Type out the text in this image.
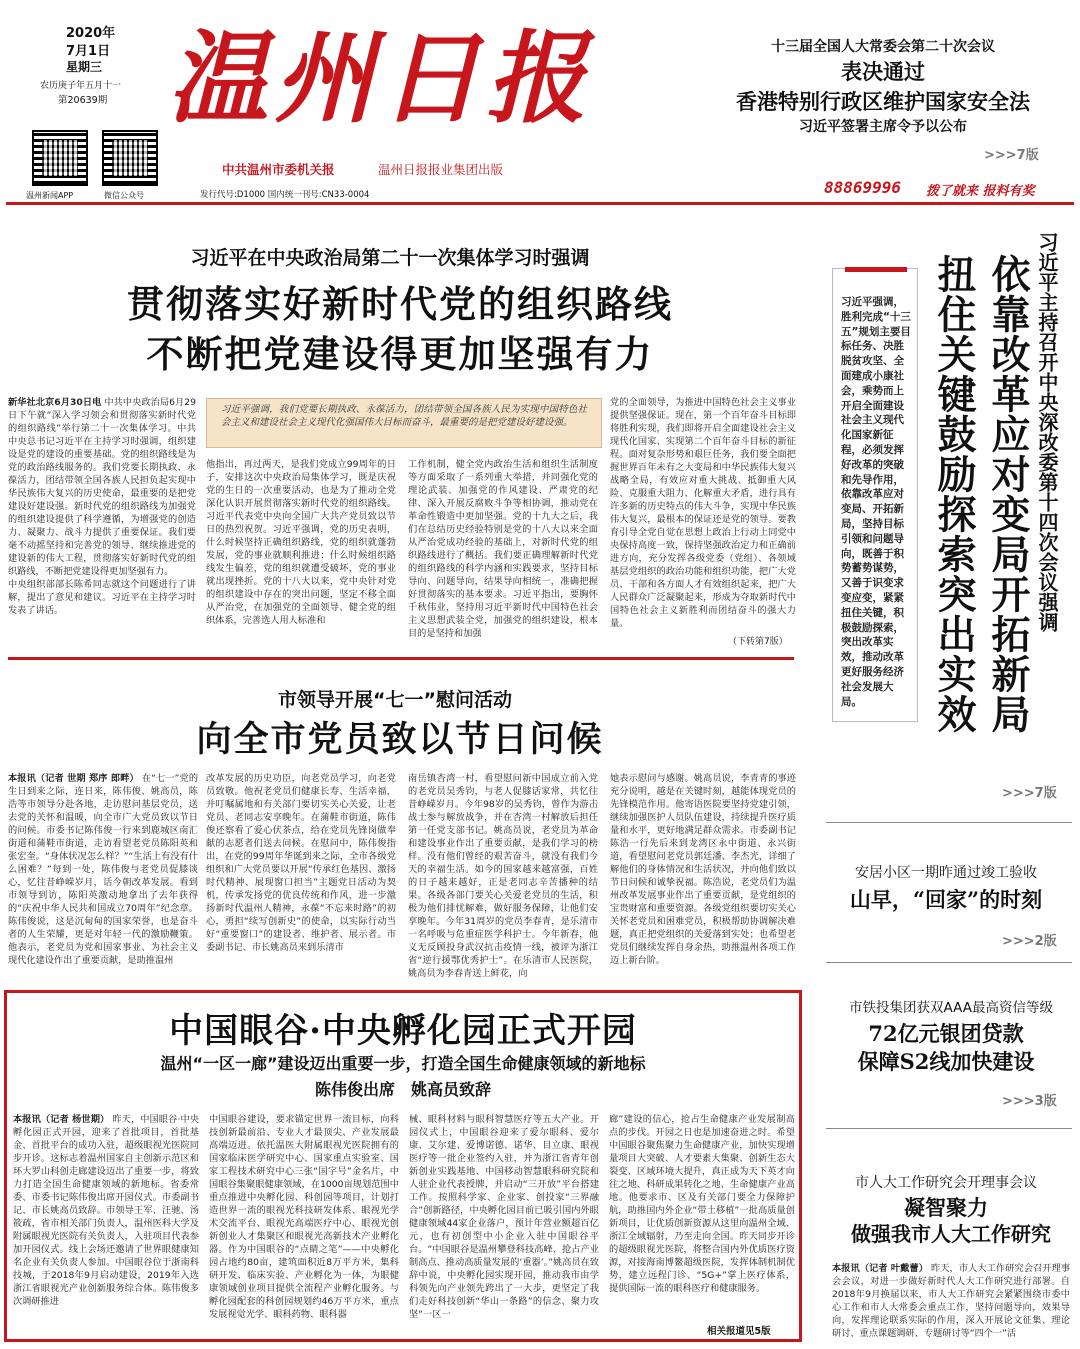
2020年
7月1日
星期三
农历庚子年五月十一
第20639期
温州新闻APP	微信公众号
温州日报
中共温州市委机关报	温州日报报业集团出版
发行代号:D1000 国内统一刊号:CN33-0004
十三届全国人大常委会第二十次会议
表决通过
香港特别行政区维护国家安全法
习近平签署主席令予以公布
>>>7版
88869996 拨了就来 报料有奖
习近平在中央政治局第二十一次集体学习时强调
贯彻落实好新时代党的组织路线
不断把党建设得更加坚强有力
习近平强调，我们党要长期执政、永葆活力，团结带领全国各族人民为实现中国特色社会主义和建设社会主义现代化强国伟大目标而奋斗，最重要的是把党建设好建设强。
新华社北京6月30日电 中共中央政治局6月29日下午就“深入学习领会和贯彻落实新时代党的组织路线”举行第二十一次集体学习。中共中央总书记习近平在主持学习时强调，组织建设是党的建设的重要基础。党的组织路线是为党的政治路线服务的。我们党要长期执政、永葆活力，团结带领全国各族人民担负起实现中华民族伟大复兴的历史使命，最重要的是把党建设好建设强。新时代党的组织路线为加强党的组织建设提供了科学遵循，为增强党的创造力、凝聚力、战斗力提供了重要保证。我们要毫不动摇坚持和完善党的领导、继续推进党的建设新的伟大工程，贯彻落实好新时代党的组织路线，不断把党建设得更加坚强有力。
中央组织部部长陈希同志就这个问题进行了讲解，提出了意见和建议。习近平在主持学习时发表了讲话。
他指出，再过两天，是我们党成立99周年的日子，安排这次中央政治局集体学习，既是庆祝党的生日的一次重要活动，也是为了推动全党深化认识开展贯彻落实新时代党的组织路线。习近平代表党中央向全国广大共产党员致以节日的热烈祝贺。习近平强调，党的历史表明，什么时候坚持正确组织路线，党的组织就蓬勃发展，党的事业就顺利推进；什么时候组织路线发生偏差，党的组织就遭受破坏，党的事业就出现挫折。党的十八大以来，党中央针对党的组织建设中存在的突出问题，坚定不移全面从严治党，在加强党的全面领导、健全党的组织体系，完善选人用人标准和
工作机制，健全党内政治生活和组织生活制度等方面采取了一系列重大举措，并同强化党的理论武装、加强党的作风建设、严肃党的纪律、深入开展反腐败斗争等相协调，推动党在革命性锻造中更加坚强。党的十九大之后，我们在总结历史经验特别是党的十八大以来全面从严治党成功经验的基础上，对新时代党的组织路线进行了概括。我们要正确理解新时代党的组织路线的科学内涵和实践要求，坚持目标导向、问题导向，结果导向相统一，准确把握好贯彻落实的基本要求。习近平指出，要胸怀千秋伟业，坚持用习近平新时代中国特色社会主义思想武装全党，加强党的组织建设，根本目的是坚持和加强
党的全面领导，为推进中国特色社会主义事业提供坚强保证。现在，第一个百年奋斗目标即将胜利实现，我们即将开启全面建设社会主义现代化国家、实现第二个百年奋斗目标的新征程。面对复杂形势和艰巨任务，我们要全面把握世界百年未有之大变局和中华民族伟大复兴战略全局，有效应对重大挑战、抵御重大风险、克服重大阻力、化解重大矛盾，进行具有许多新的历史特点的伟大斗争，实现中华民族伟大复兴，最根本的保证还是党的领导。要教育引导全党自觉在思想上政治上行动上同党中央保持高度一致，保持坚强政治定力和正确前进方向，充分发挥各级党委（党组）、各领域基层党组织的政治功能和组织功能，把广大党员、干部和各方面人才有效组织起来，把广大人民群众广泛凝聚起来，形成为夺取新时代中国特色社会主义新胜利而团结奋斗的强大力量。
（下转第7版）
习近平主持召开中央深改委第十四次会议强调
依靠改革应对变局开拓新局
扭住关键鼓励探索突出实效
习近平强调，胜利完成“十三五”规划主要目标任务、决胜脱贫攻坚、全面建成小康社会，乘势而上开启全面建设社会主义现代化国家新征程，必须发挥好改革的突破和先导作用，依靠改革应对变局、开拓新局，坚持目标引领和问题导向，既善于积势蓄势谋势，又善于识变求变应变，紧紧扭住关键，积极鼓励探索，突出改革实效，推动改革更好服务经济社会发展大局。
>>>7版
市领导开展“七一”慰问活动
向全市党员致以节日问候
本报讯（记者 世期 郑序 郎畔） 在“七一”党的生日到来之际，连日来，陈伟俊、姚高员，陈浩等市领导分赴各地，走访慰问基层党员，送去党的关怀和温暖，向全市广大党员致以节日的问候。市委书记陈伟俊一行来到鹿城区南汇街道和蒲鞋市街道，走访看望老党员陈阳英和张宏奎。“身体状况怎么样？”“生活上有没有什么困难？”每到一处，陈伟俊与老党员促膝谈心，忆往昔峥嵘岁月，话今朝改革发展。看到市领导到访，陈阳英激动地拿出了去年获得的“庆祝中华人民共和国成立70周年”纪念章。陈伟俊说，这是沉甸甸的国家荣誉，也是奋斗者的人生荣耀，更是对年轻一代的激励鞭策。他表示，老党员为党和国家事业、为社会主义现代化建设作出了重要贡献，是助推温州
改革发展的历史功臣，向老党员学习，向老党员致敬。他祝老党员们健康长寿、生活幸福，并叮嘱属地和有关部门要切实关心关爱，让老党员、老同志安享晚年。在蒲鞋市街道，陈伟俊还察看了爱心伏茶点，给在党员先锋岗做奉献的志愿者们送去问候。在慰问中，陈伟俊指出，在党的99周年华诞到来之际，全市各级党组织和广大党员要以开展“传承红色基因、激扬时代精神、展现窗口担当”主题党日活动为契机，传承发扬党的优良传统和作风，进一步激扬新时代温州人精神，永葆“不忘来时路”的初心，勇担“续写创新史”的使命，以实际行动当好“重要窗口”的建设者、维护者、展示者。市委副书记、市长姚高员来到乐清市
南岳镇杏湾一村，看望慰问新中国成立前入党的老党员吴秀钧，与老人促膝话家常，共忆往昔峥嵘岁月。今年98岁的吴秀钧，曾作为游击战士参与解放战争，并在杏湾一村解放后担任第一任党支部书记。姚高员说，老党员为革命和建设事业作出了重要贡献，是我们学习的榜样。没有他们曾经的艰苦奋斗，就没有我们今天的幸福生活。如今的国家越来越富强，百姓的日子越来越好，正是老同志辛苦播种的结果。各级各部门要关心关爱老党员的生活，积极为他们排忧解难，做好服务保障，让他们安享晚年。今年31周岁的党员李春青，是乐清市一名呼吸与危重症医学科护士。今年新春，他义无反顾投身武汉抗击疫情一线，被评为浙江省“逆行援鄂优秀护士”。在乐清市人民医院，姚高员为李春青送上鲜花，向
她表示慰问与感谢。姚高员说，李青青的事迹充分说明，越是在关键时刻，越能体现党员的先锋模范作用。他寄语医院要坚持党建引领，继续加强医护人员队伍建设，持续提升医疗质量和水平，更好地满足群众需求。市委副书记陈浩一行先后来到龙湾区永中街道、永兴街道，看望慰问老党员郭廷潘、李杰光，详细了解他们的身体情况和生活状况，并向他们致以节日问候和诚挚祝福。陈浩说，老党员们为温州改革发展事业作出了重要贡献，是党组织的宝贵财富和重要资源。各级党组织要切实关心关怀老党员和困难党员，积极帮助协调解决难题，真正把党组织的关爱落到实处；也希望老党员们继续发挥自身余热，助推温州各项工作迈上新台阶。
中国眼谷·中央孵化园正式开园
温州“一区一廊”建设迈出重要一步，打造全国生命健康领域的新地标
陈伟俊出席　姚高员致辞
本报讯（记者 杨世期） 昨天，中国眼谷·中央孵化园正式开园，迎来了首批项目，首批基金、首批平台的成功入驻，超级眼视光医院同步开诊。这标志着温州国家自主创新示范区和环大罗山科创走廊建设迈出了重要一步，将致力打造全国生命健康领域的新地标。省委常委、市委书记陈伟俊出席开园仪式。市委副书记、市长姚高员致辞。市领导王军、汪驰、汤筱疏，省市相关部门负责人，温州医科大学及附属眼视光医院有关负责人，入驻项目代表参加开园仪式。线上会场还邀请了世界眼健康知名企业有关负责人参加。中国眼谷位于浙南科技城，于2018年9月启动建设，2019年入选浙江省眼视光产业创新服务综合体。陈伟俊多次调研推进
中国眼谷建设，要求锚定世界一流目标，向科技创新最前沿、专业人才最顶尖、产业发展最高端迈进。依托温医大附属眼视光医院拥有的国家临床医学研究中心、国家重点实验室、国家工程技术研究中心三张“国字号”金名片，中国眼谷集聚眼健康领域，在1000亩规划范围中重点推进中央孵化园、科创园等项目，计划打造世界一流的眼视光科技研发体系、眼视光学术交流平台、眼视光高端医疗中心、眼视光创新创业人才集聚区和眼视光高新技术产业孵化器。作为中国眼谷的“点睛之笔”——中央孵化园占地约80亩，建筑面积近8万平方米，集科研开发、临床实验、产业孵化为一体，为眼健康领域创业项目提供全流程产业孵化服务。与孵化园配套的科创园规划约46万平方米，重点发展视觉光学、眼科药物、眼科器
械、眼科材料与眼科智慧医疗等五大产业。开园仪式上，中国眼谷迎来了爱尔眼科、爱尔康、艾尔建、爱博诺德、诺华、目立康、眼视医疗等一批企业签约入驻，并为浙江省青年创新创业实践基地、中国移动智慧眼科研究院和人驻企业代表授牌，并启动“三开放”平台搭建工作。按照科学家、企业家、创投家“三界融合”创新路径，中央孵化园目前已吸引国内外眼健康领域44家企业落户，预计年营业额超百亿元，也有初创型中小企业入驻中国眼谷平台。“中国眼谷是温州攀登科技高峰、抢占产业制高点、推动高质量发展的‘重器’。”姚高员在致辞中说，中央孵化园实现开园，推动我市由学科领先向产业领先跨出了一大步，更坚定了我们走好科技创新“华山一条路”的信念、聚力攻坚“一区一
廊”建设的信心，抢占生命健康产业发展制高点的步伐。开园之日也是加速奋进之时。希望中国眼谷聚焦聚力生命健康产业，加快实现增量项目大突破、人才要素大集聚、创新生态大裂变、区域环境大提升，真正成为天下英才向往之地、科研成果转化之地、生命健康产业高地。他要求市、区及有关部门要全力保障护航，助推国内外企业“带土移植”一批高质量创新项目，让优质创新资源从这里向温州全域、浙江全域辐射，乃至走向全国。昨天同步开诊的超级眼视光医院，将整合国内外优质医疗资源，对接海南博鳌超级医院，发挥体制机制优势，建立远程门诊、“5G+”掌上医疗体系，提供国际一流的眼科医疗和健康服务。
相关报道见5版
安居小区一期昨通过竣工验收
山早，“回家”的时刻
>>>2版
市铁投集团获双AAA最高资信等级
72亿元银团贷款
保障S2线加快建设
>>>3版
市人大工作研究会开理事会议
凝智聚力
做强我市人大工作研究
本报讯（记者 叶戴蕾） 昨天，市人大工作研究会召开理事会会议，对进一步做好新时代人大工作研究进行部署。自2018年9月换届以来，市人大工作研究会紧紧围绕市委中心工作和市人大常委会重点工作，坚持问题导向，效果导向，发挥理论联系实际的作用，深入开展论文征集、理论研讨、重点课题调研、专题研讨等“四个一”活
